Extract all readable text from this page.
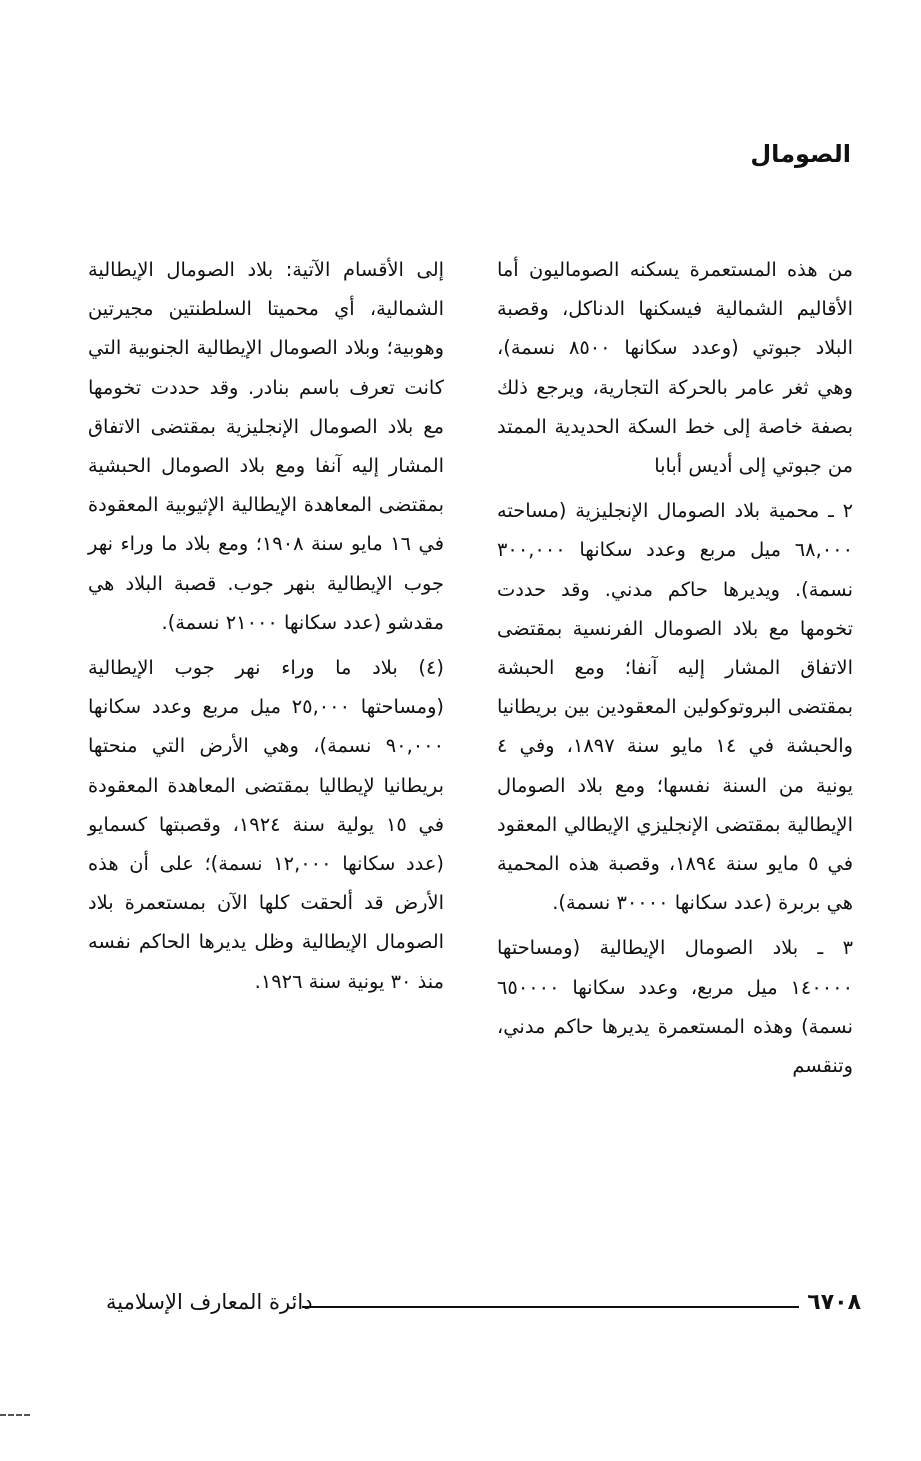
الصومال

من هذه المستعمرة يسكنه الصوماليون أما الأقاليم الشمالية فيسكنها الدناكل، وقصبة البلاد جبوتي (وعدد سكانها ٨٥٠٠ نسمة)، وهي ثغر عامر بالحركة التجارية، ويرجع ذلك بصفة خاصة إلى خط السكة الحديدية الممتد من جبوتي إلى أديس أبابا

٢ ـ محمية بلاد الصومال الإنجليزية (مساحته ٦٨,٠٠٠ ميل مربع وعدد سكانها ٣٠٠,٠٠٠ نسمة). ويديرها حاكم مدني. وقد حددت تخومها مع بلاد الصومال الفرنسية بمقتضى الاتفاق المشار إليه آنفا؛ ومع الحبشة بمقتضى البروتوكولين المعقودين بين بريطانيا والحبشة في ١٤ مايو سنة ١٨٩٧، وفي ٤ يونية من السنة نفسها؛ ومع بلاد الصومال الإيطالية بمقتضى الإنجليزي الإيطالي المعقود في ٥ مايو سنة ١٨٩٤، وقصبة هذه المحمية هي بربرة (عدد سكانها ٣٠٠٠٠ نسمة).

٣ ـ بلاد الصومال الإيطالية (ومساحتها ١٤٠٠٠٠ ميل مربع، وعدد سكانها ٦٥٠٠٠٠ نسمة) وهذه المستعمرة يديرها حاكم مدني، وتنقسم

إلى الأقسام الآتية: بلاد الصومال الإيطالية الشمالية، أي محميتا السلطنتين مجيرتين وهوبية؛ وبلاد الصومال الإيطالية الجنوبية التي كانت تعرف باسم بنادر. وقد حددت تخومها مع بلاد الصومال الإنجليزية بمقتضى الاتفاق المشار إليه آنفا ومع بلاد الصومال الحبشية بمقتضى المعاهدة الإيطالية الإثيوبية المعقودة في ١٦ مايو سنة ١٩٠٨؛ ومع بلاد ما وراء نهر جوب الإيطالية بنهر جوب. قصبة البلاد هي مقدشو (عدد سكانها ٢١٠٠٠ نسمة).

(٤) بلاد ما وراء نهر جوب الإيطالية (ومساحتها ٢٥,٠٠٠ ميل مربع وعدد سكانها ٩٠,٠٠٠ نسمة)، وهي الأرض التي منحتها بريطانيا لإيطاليا بمقتضى المعاهدة المعقودة في ١٥ يولية سنة ١٩٢٤، وقصبتها كسمايو (عدد سكانها ١٢,٠٠٠ نسمة)؛ على أن هذه الأرض قد ألحقت كلها الآن بمستعمرة بلاد الصومال الإيطالية وظل يديرها الحاكم نفسه منذ ٣٠ يونية سنة ١٩٢٦.

٦٧٠٨
دائرة المعارف الإسلامية
